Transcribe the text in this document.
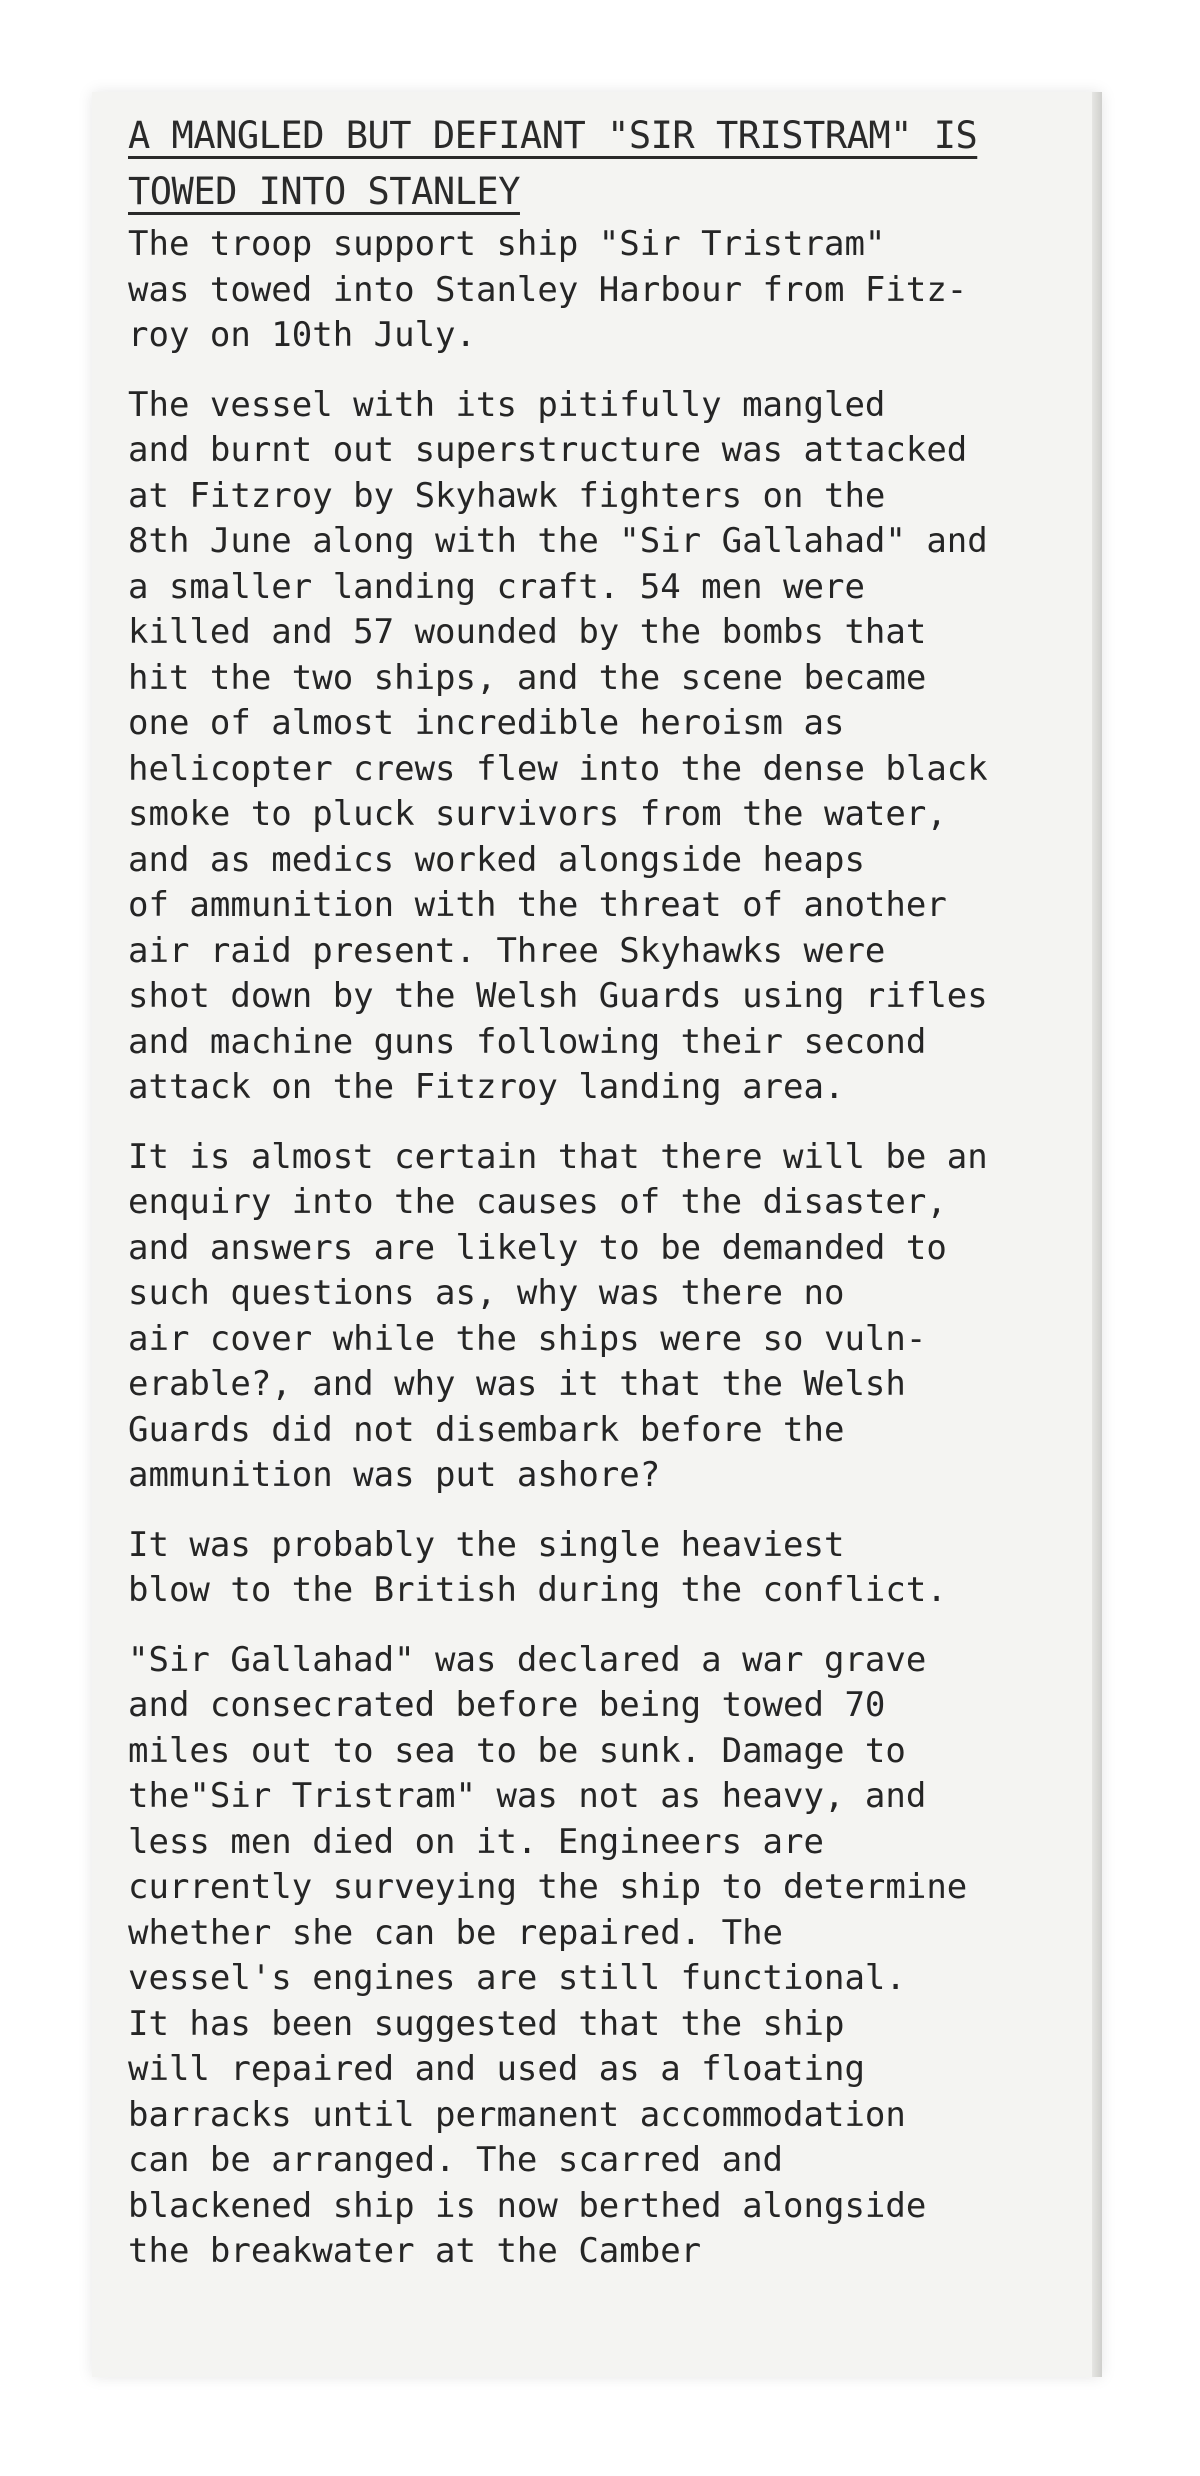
A MANGLED BUT DEFIANT "SIR TRISTRAM" IS
TOWED INTO STANLEY
The troop support ship "Sir Tristram"
was towed into Stanley Harbour from Fitz-
roy on 10th July.
The vessel with its pitifully mangled
and burnt out superstructure was attacked
at Fitzroy by Skyhawk fighters on the
8th June along with the "Sir Gallahad" and
a smaller landing craft. 54 men were
killed and 57 wounded by the bombs that
hit the two ships, and the scene became
one of almost incredible heroism as
helicopter crews flew into the dense black
smoke to pluck survivors from the water,
and as medics worked alongside heaps
of ammunition with the threat of another
air raid present. Three Skyhawks were
shot down by the Welsh Guards using rifles
and machine guns following their second
attack on the Fitzroy landing area.
It is almost certain that there will be an
enquiry into the causes of the disaster,
and answers are likely to be demanded to
such questions as, why was there no
air cover while the ships were so vuln-
erable?, and why was it that the Welsh
Guards did not disembark before the
ammunition was put ashore?
It was probably the single heaviest
blow to the British during the conflict.
"Sir Gallahad" was declared a war grave
and consecrated before being towed 70
miles out to sea to be sunk. Damage to
the"Sir Tristram" was not as heavy, and
less men died on it. Engineers are
currently surveying the ship to determine
whether she can be repaired. The
vessel's engines are still functional.
It has been suggested that the ship
will repaired and used as a floating
barracks until permanent accommodation
can be arranged. The scarred and
blackened ship is now berthed alongside
the breakwater at the Camber
